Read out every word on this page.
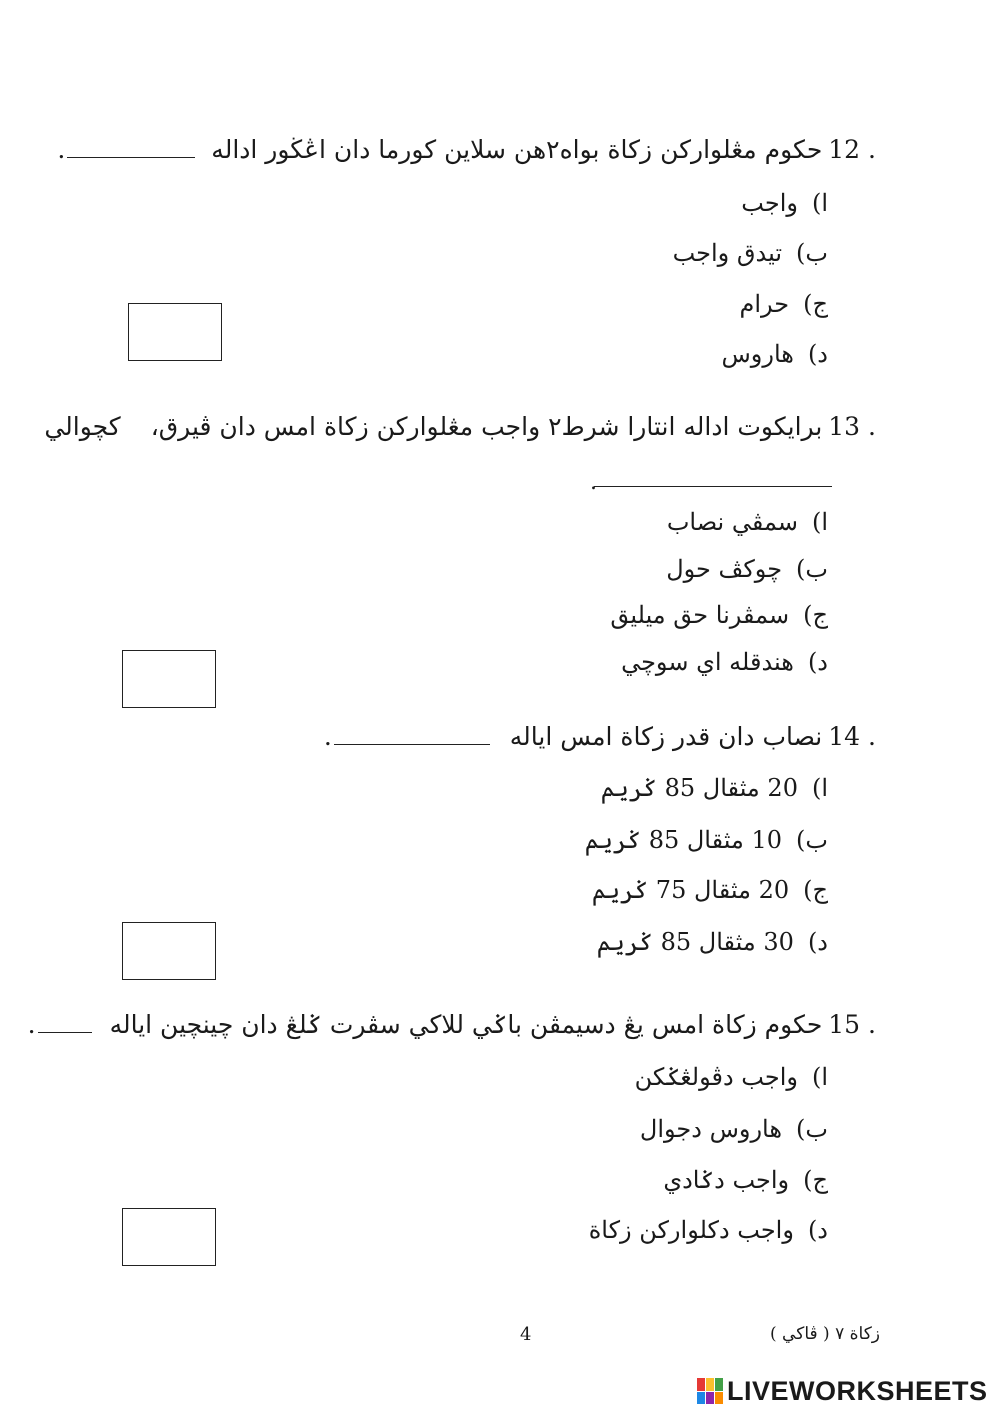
12 .حکوم مڠلوارکن زكاة بواه٢هن سلاين کورما دان اڠڬور اداله .
ا)واجب
ب)تيدق واجب
ج)حرام
د)هاروس
13 .برايکوت اداله انتارا شرط٢ واجب مڠلوارکن زكاة امس دان ڤيرق،کچوالي
.
ا)سمڤي نصاب
ب)چوکڤ حول
ج)سمڤرنا حق ميليق
د)هندقله اي سوچي
14 .نصاب دان قدر زكاة امس اياله .
ا)20 مثقال 85 ݢريم
ب)10 مثقال 85 ݢريم
ج)20 مثقال 75 ݢريم
د)30 مثقال 85 ݢريم
15 .حکوم زكاة امس يڠ دسيمڤن باݢي للاکي سڤرت ݢلڠ دان چينچين اياله .
ا)واجب دڤولڠݢکن
ب)هاروس دجوال
ج)واجب دݢادي
د)واجب دکلوارکن زكاة
4	زكاة ٧ ( ڤاکي )
LIVEWORKSHEETS
